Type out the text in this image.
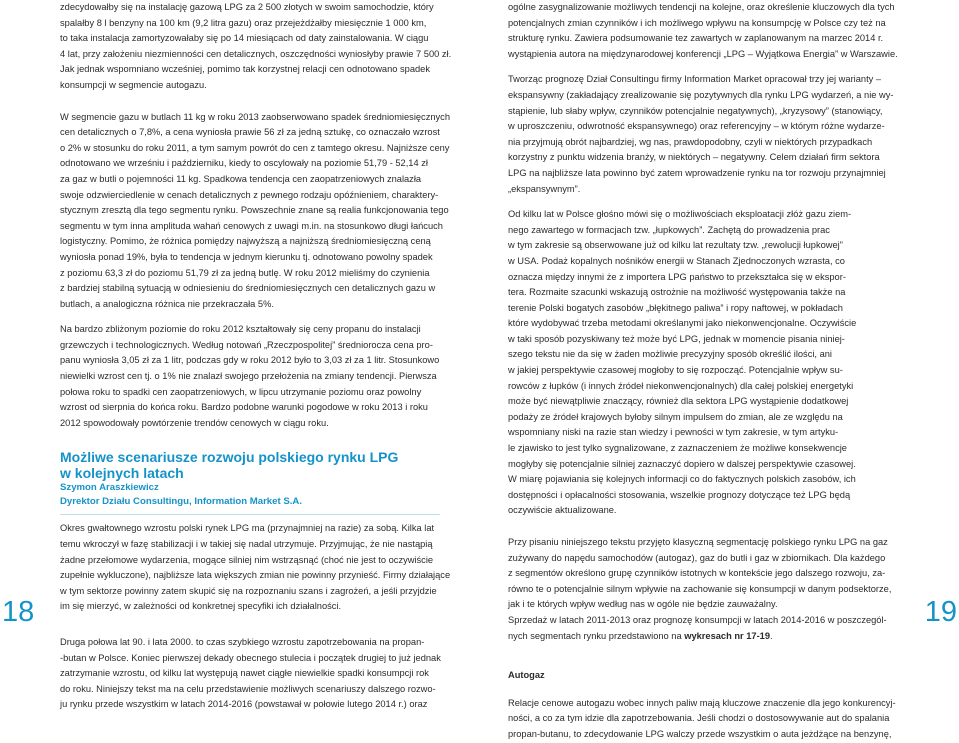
zdecydowałby się na instalację gazową LPG za 2 500 złotych w swoim samochodzie, który

spalałby 8 l benzyny na 100 km (9,2 litra gazu) oraz przejeżdżałby miesięcznie 1 000 km,

to taka instalacja zamortyzowałaby się po 14 miesiącach od daty zainstalowania. W ciągu

4 lat, przy założeniu niezmienności cen detalicznych, oszczędności wyniosłyby prawie 7 500 zł.

Jak jednak wspomniano wcześniej, pomimo tak korzystnej relacji cen odnotowano spadek

konsumpcji w segmencie autogazu.

W segmencie gazu w butlach 11 kg w roku 2013 zaobserwowano spadek średniomiesięcznych

cen detalicznych o 7,8%, a cena wyniosła prawie 56 zł za jedną sztukę, co oznaczało wzrost

o 2% w stosunku do roku 2011, a tym samym powrót do cen z tamtego okresu. Najniższe ceny

odnotowano we wrześniu i październiku, kiedy to oscylowały na poziomie 51,79 - 52,14 zł

za gaz w butli o pojemności 11 kg. Spadkowa tendencja cen zaopatrzeniowych znalazła

swoje odzwierciedlenie w cenach detalicznych z pewnego rodzaju opóźnieniem, charaktery-

stycznym zresztą dla tego segmentu rynku. Powszechnie znane są realia funkcjonowania tego

segmentu w tym inna amplituda wahań cenowych z uwagi m.in. na stosunkowo długi łańcuch

logistyczny. Pomimo, że różnica pomiędzy najwyższą a najniższą średniomiesięczną ceną

wyniosła ponad 19%, była to tendencja w jednym kierunku tj. odnotowano powolny spadek

z poziomu 63,3 zł do poziomu 51,79 zł za jedną butlę. W roku 2012 mieliśmy do czynienia

z bardziej stabilną sytuacją w odniesieniu do średniomiesięcznych cen detalicznych gazu w

butlach, a analogiczna różnica nie przekraczała 5%.

Na bardzo zbliżonym poziomie do roku 2012 kształtowały się ceny propanu do instalacji

grzewczych i technologicznych. Według notowań „Rzeczpospolitej” średniorocza cena pro-

panu wyniosła 3,05 zł za 1 litr, podczas gdy w roku 2012 było to 3,03 zł za 1 litr. Stosunkowo

niewielki wzrost cen tj. o 1% nie znalazł swojego przełożenia na zmiany tendencji. Pierwsza

połowa roku to spadki cen zaopatrzeniowych, w lipcu utrzymanie poziomu oraz powolny

wzrost od sierpnia do końca roku. Bardzo podobne warunki pogodowe w roku 2013 i roku

2012 spowodowały powtórzenie trendów cenowych w ciągu roku.

Możliwe scenariusze rozwoju polskiego rynku LPG

w kolejnych latach

Szymon Araszkiewicz

Dyrektor Działu Consultingu, Information Market S.A.

Okres gwałtownego wzrostu polski rynek LPG ma (przynajmniej na razie) za sobą. Kilka lat

temu wkroczył w fazę stabilizacji i w takiej się nadal utrzymuje. Przyjmując, że nie nastąpią

żadne przełomowe wydarzenia, mogące silniej nim wstrząsnąć (choć nie jest to oczywiście

zupełnie wykluczone), najbliższe lata większych zmian nie powinny przynieść. Firmy działające

w tym sektorze powinny zatem skupić się na rozpoznaniu szans i zagrożeń, a jeśli przyjdzie

im się mierzyć, w zależności od konkretnej specyfiki ich działalności.

Druga połowa lat 90. i lata 2000. to czas szybkiego wzrostu zapotrzebowania na propan-

-butan w Polsce. Koniec pierwszej dekady obecnego stulecia i początek drugiej to już jednak

zatrzymanie wzrostu, od kilku lat występują nawet ciągłe niewielkie spadki konsumpcji rok

do roku. Niniejszy tekst ma na celu przedstawienie możliwych scenariuszy dalszego rozwo-

ju rynku przede wszystkim w latach 2014-2016 (powstawał w połowie lutego 2014 r.) oraz

ogólne zasygnalizowanie możliwych tendencji na kolejne, oraz określenie kluczowych dla tych

potencjalnych zmian czynników i ich możliwego wpływu na konsumpcję w Polsce czy też na

strukturę rynku. Zawiera podsumowanie tez zawartych w zaplanowanym na marzec 2014 r.

wystąpienia autora na międzynarodowej konferencji „LPG – Wyjątkowa Energia” w Warszawie.

Tworząc prognozę Dział Consultingu firmy Information Market opracował trzy jej warianty –

ekspansywny (zakładający zrealizowanie się pozytywnych dla rynku LPG wydarzeń, a nie wy-

stąpienie, lub słaby wpływ, czynników potencjalnie negatywnych), „kryzysowy” (stanowiący,

w uproszczeniu, odwrotność ekspansywnego) oraz referencyjny – w którym różne wydarze-

nia przyjmują obrót najbardziej, wg nas, prawdopodobny, czyli w niektórych przypadkach

korzystny z punktu widzenia branży, w niektórych – negatywny. Celem działań firm sektora

LPG na najbliższe lata powinno być zatem wprowadzenie rynku na tor rozwoju przynajmniej

„ekspansywnym”.

Od kilku lat w Polsce głośno mówi się o możliwościach eksploatacji złóż gazu ziem-

nego zawartego w formacjach tzw. „łupkowych”. Zachętą do prowadzenia prac

w tym zakresie są obserwowane już od kilku lat rezultaty tzw. „rewolucji łupkowej”

w USA. Podaż kopalnych nośników energii w Stanach Zjednoczonych wzrasta, co

oznacza między innymi że z importera LPG państwo to przekształca się w ekspor-

tera. Rozmaite szacunki wskazują ostrożnie na możliwość występowania także na

terenie Polski bogatych zasobów „błękitnego paliwa” i ropy naftowej, w pokładach

które wydobywać trzeba metodami określanymi jako niekonwencjonalne. Oczywiście

w taki sposób pozyskiwany też może być LPG, jednak w momencie pisania niniej-

szego tekstu nie da się w żaden możliwie precyzyjny sposób określić ilości, ani

w jakiej perspektywie czasowej mogłoby to się rozpocząć. Potencjalnie wpływ su-

rowców z łupków (i innych źródeł niekonwencjonalnych) dla całej polskiej energetyki

może być niewątpliwie znaczący, również dla sektora LPG wystąpienie dodatkowej

podaży ze źródeł krajowych byłoby silnym impulsem do zmian, ale ze względu na

wspomniany niski na razie stan wiedzy i pewności w tym zakresie, w tym artyku-

le zjawisko to jest tylko sygnalizowane, z zaznaczeniem że możliwe konsekwencje

mogłyby się potencjalnie silniej zaznaczyć dopiero w dalszej perspektywie czasowej.

W miarę pojawiania się kolejnych informacji co do faktycznych polskich zasobów, ich

dostępności i opłacalności stosowania, wszelkie prognozy dotyczące też LPG będą

oczywiście aktualizowane.

Przy pisaniu niniejszego tekstu przyjęto klasyczną segmentację polskiego rynku LPG na gaz

zużywany do napędu samochodów (autogaz), gaz do butli i gaz w zbiornikach. Dla każdego

z segmentów określono grupę czynników istotnych w kontekście jego dalszego rozwoju, za-

równo te o potencjalnie silnym wpływie na zachowanie się konsumpcji w danym podsektorze,

jak i te których wpływ według nas w ogóle nie będzie zauważalny.

Sprzedaż w latach 2011-2013 oraz prognozę konsumpcji w latach 2014-2016 w poszczegól-

nych segmentach rynku przedstawiono na wykresach nr 17-19.

Autogaz

Relacje cenowe autogazu wobec innych paliw mają kluczowe znaczenie dla jego konkurencyj-

ności, a co za tym idzie dla zapotrzebowania. Jeśli chodzi o dostosowywanie aut do spalania

propan-butanu, to zdecydowanie LPG walczy przede wszystkim o auta jeżdżące na benzynę,

18	19
